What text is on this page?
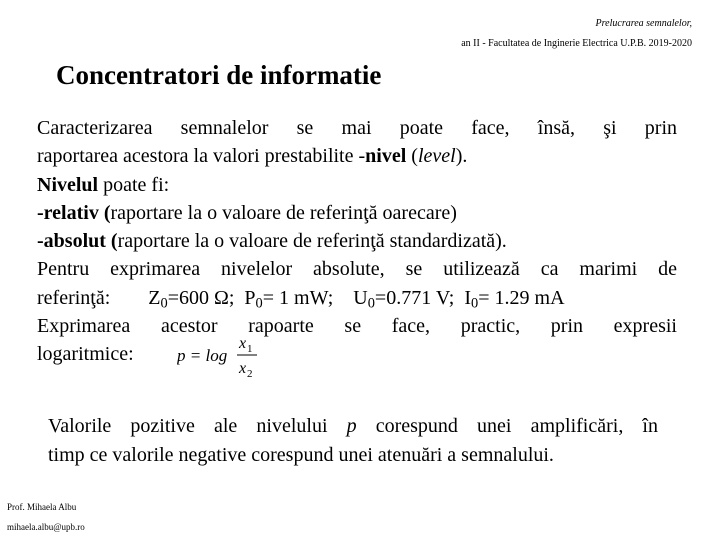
Prelucrarea semnalelor,
an II - Facultatea de Inginerie Electrica U.P.B. 2019-2020
Concentratori de informatie
Caracterizarea semnalelor se mai poate face, însă, şi prin
raportarea acestora la valori prestabilite -nivel (level).
Nivelul poate fi:
-relativ (raportare la o valoare de referinţă oarecare)
-absolut (raportare la o valoare de referinţă standardizată).
Pentru exprimarea nivelelor absolute, se utilizează ca marimi de
referinţă: $Z_0=600$ Ω; $P_0= 1$ mW; $U_0=0.771$ V; $I_0= 1.29$ mA
Exprimarea acestor rapoarte se face, practic, prin expresii
logaritmice:	p = log
x 1
x 2
Valorile pozitive ale nivelului p corespund unei amplificări, în
timp ce valorile negative corespund unei atenuări a semnalului.
Prof. Mihaela Albu
mihaela.albu@upb.ro
